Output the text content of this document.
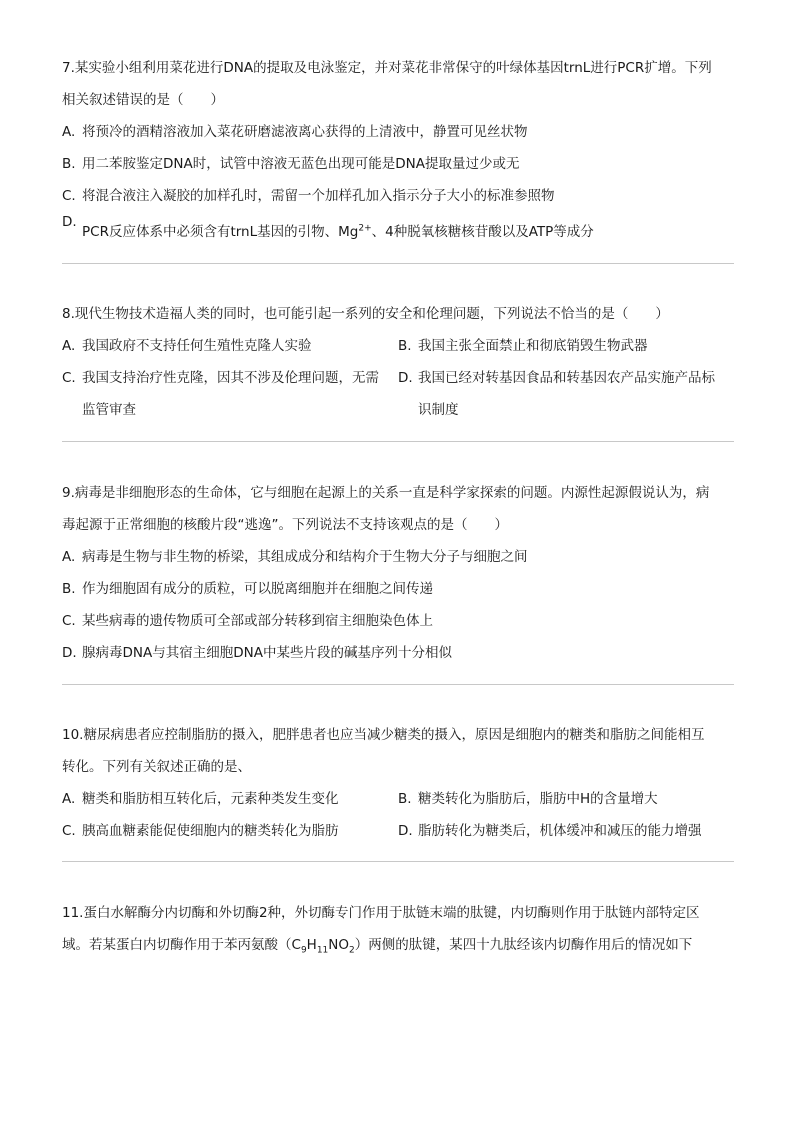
7.某实验小组利用菜花进行DNA的提取及电泳鉴定，并对菜花非常保守的叶绿体基因trnL进行PCR扩增。下列
相关叙述错误的是（　　）
A. 将预冷的酒精溶液加入菜花研磨滤液离心获得的上清液中，静置可见丝状物
B. 用二苯胺鉴定DNA时，试管中溶液无蓝色出现可能是DNA提取量过少或无
C. 将混合液注入凝胶的加样孔时，需留一个加样孔加入指示分子大小的标准参照物
D.
PCR反应体系中必须含有trnL基因的引物、$Mg^{2+}$、4种脱氧核糖核苷酸以及ATP等成分
8.现代生物技术造福人类的同时，也可能引起一系列的安全和伦理问题，下列说法不恰当的是（　　）
A. 我国政府不支持任何生殖性克隆人实验	B. 我国主张全面禁止和彻底销毁生物武器
C. 我国支持治疗性克隆，因其不涉及伦理问题，无需 D. 我国已经对转基因食品和转基因农产品实施产品标
监管审查	识制度
9.病毒是非细胞形态的生命体，它与细胞在起源上的关系一直是科学家探索的问题。内源性起源假说认为，病
毒起源于正常细胞的核酸片段“逃逸”。下列说法不支持该观点的是（　　）
A. 病毒是生物与非生物的桥梁，其组成成分和结构介于生物大分子与细胞之间
B. 作为细胞固有成分的质粒，可以脱离细胞并在细胞之间传递
C. 某些病毒的遗传物质可全部或部分转移到宿主细胞染色体上
D. 腺病毒DNA与其宿主细胞DNA中某些片段的碱基序列十分相似
10.糖尿病患者应控制脂肪的摄入，肥胖患者也应当减少糖类的摄入，原因是细胞内的糖类和脂肪之间能相互
转化。下列有关叙述正确的是、
A. 糖类和脂肪相互转化后，元素种类发生变化	B. 糖类转化为脂肪后，脂肪中H的含量增大
C. 胰高血糖素能促使细胞内的糖类转化为脂肪	D. 脂肪转化为糖类后，机体缓冲和减压的能力增强
11.蛋白水解酶分内切酶和外切酶2种，外切酶专门作用于肽链末端的肽键，内切酶则作用于肽链内部特定区
域。若某蛋白内切酶作用于苯丙氨酸$(C_9H_{11}NO_2)$两侧的肽键，某四十九肽经该内切酶作用后的情况如下
